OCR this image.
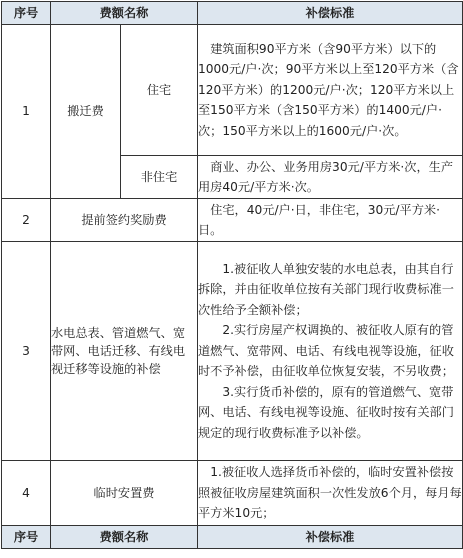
序号	费额名称		补偿标准
1	搬迁费	住宅	建筑面积90平方米（含90平方米）以下的1000元/户·次；90平方米以上至120平方米（含120平方米）的1200元/户·次；120平方米以上至150平方米（含150平方米）的1400元/户·次；150平方米以上的1600元/户·次。

		非住宅	商业、办公、业务用房30元/平方米·次，生产用房40元/平方米·次。

2	提前签约奖励费		住宅，40元/户·日，非住宅，30元/平方米·日。

3	水电总表、管道燃气、宽带网、电话迁移、有线电视迁移等设施的补偿		1.被征收人单独安装的水电总表，由其自行拆除，并由征收单位按有关部门现行收费标准一次性给予全额补偿；

2.实行房屋产权调换的、被征收人原有的管道燃气、宽带网、电话、有线电视等设施，征收时不予补偿，由征收单位恢复安装，不另收费；

3.实行货币补偿的，原有的管道燃气、宽带网、电话、有线电视等设施、征收时按有关部门规定的现行收费标准予以补偿。

4	临时安置费		1.被征收人选择货币补偿的，临时安置补偿按照被征收房屋建筑面积一次性发放6个月，每月每平方米10元；

序号	费额名称		补偿标准
